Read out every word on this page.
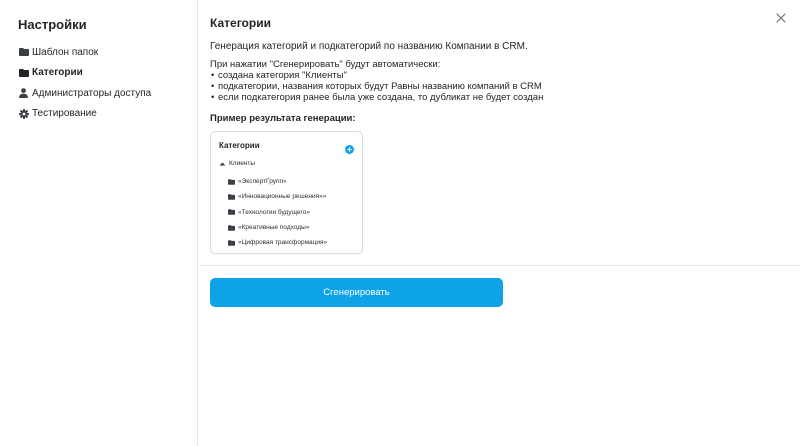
Настройки
Шаблон папок
Категории
Администраторы доступа
Тестирование
Категории

Генерация категорий и подкатегорий по названию Компании в CRM.

При нажатии "Сгенерировать" будут автоматически:

• создана категория "Клиенты"
• подкатегории, названия которых будут Равны названию компаний в CRM
• если подкатегория ранее была уже создана, то дубликат не будет создан
Пример результата генерации:
Категории
Клиенты
«ЭкспертГрупп»
«Инновационные решения»»
«Технологии будущего»
«Креативные подходы»
«Цифровая трансформация»
Сгенерировать
